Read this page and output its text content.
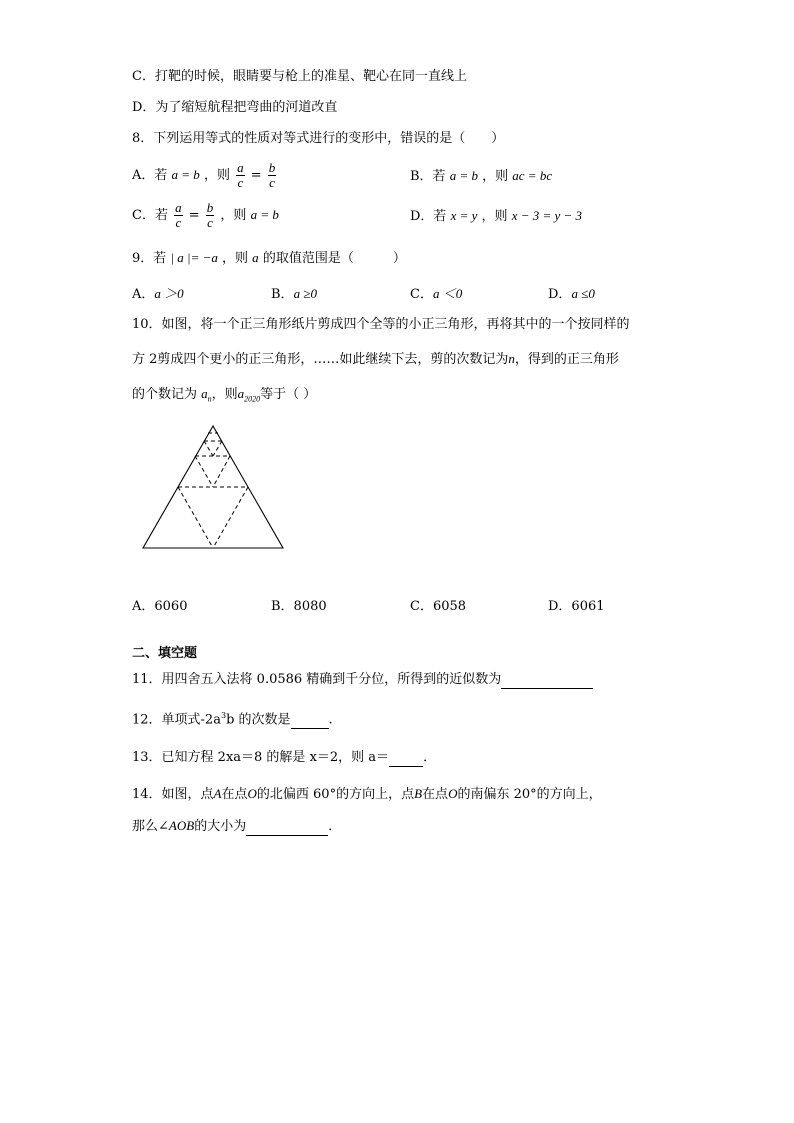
C．打靶的时候，眼睛要与枪上的准星、靶心在同一直线上
D．为了缩短航程把弯曲的河道改直
8．下列运用等式的性质对等式进行的变形中，错误的是（　　）
A．若 a = b ，则 $\frac{a}{c} = \frac{b}{c}$	B．若 a = b ，则 ac = bc
C．若 $\frac{a}{c} = \frac{b}{c}$ ，则 a = b	D．若 x = y ，则 x − 3 = y − 3
9．若 | a |= −a ，则 a 的取值范围是（　　　）
A．a ＞0	B．a ≥0	C．a ＜0	D．a ≤0
10．如图，将一个正三角形纸片剪成四个全等的小正三角形，再将其中的一个按同样的
方 2剪成四个更小的正三角形，……如此继续下去，剪的次数记为n，得到的正三角形
的个数记为 $a_n$，则$a_{2020}$等于（ ）
A．6060	B．8080	C．6058	D．6061
二、填空题
11．用四舍五入法将 0.0586 精确到千分位，所得到的近似数为
12．单项式$-2a^3b$ 的次数是	.
13．已知方程 2xa＝8 的解是 x＝2，则 a＝	．
14．如图，点A在点O的北偏西 60°的方向上，点B在点O的南偏东 20°的方向上，
那么∠AOB的大小为	．
